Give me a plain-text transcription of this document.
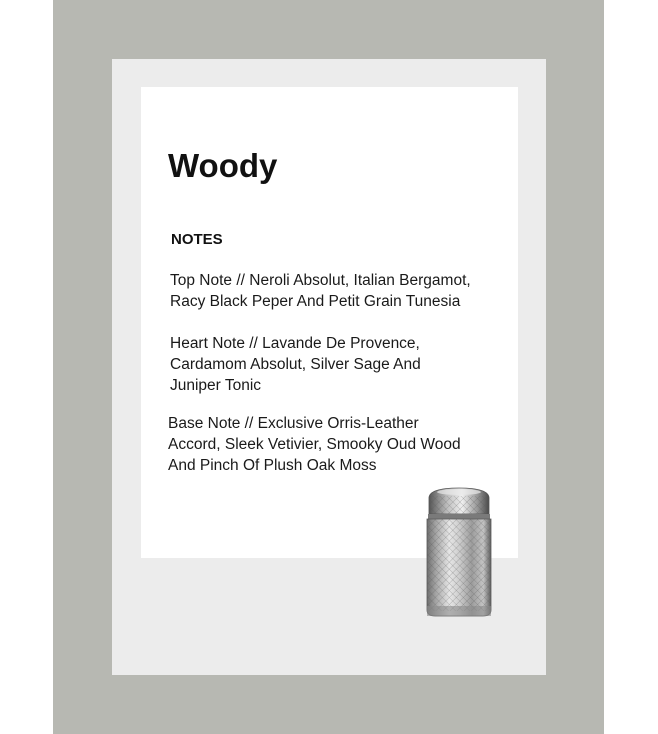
Woody
NOTES

Top Note // Neroli Absolut, Italian Bergamot,
Racy Black Peper And Petit Grain Tunesia

Heart Note // Lavande De Provence,
Cardamom Absolut, Silver Sage And
Juniper Tonic

Base Note // Exclusive Orris-Leather
Accord, Sleek Vetivier, Smooky Oud Wood
And Pinch Of Plush Oak Moss
